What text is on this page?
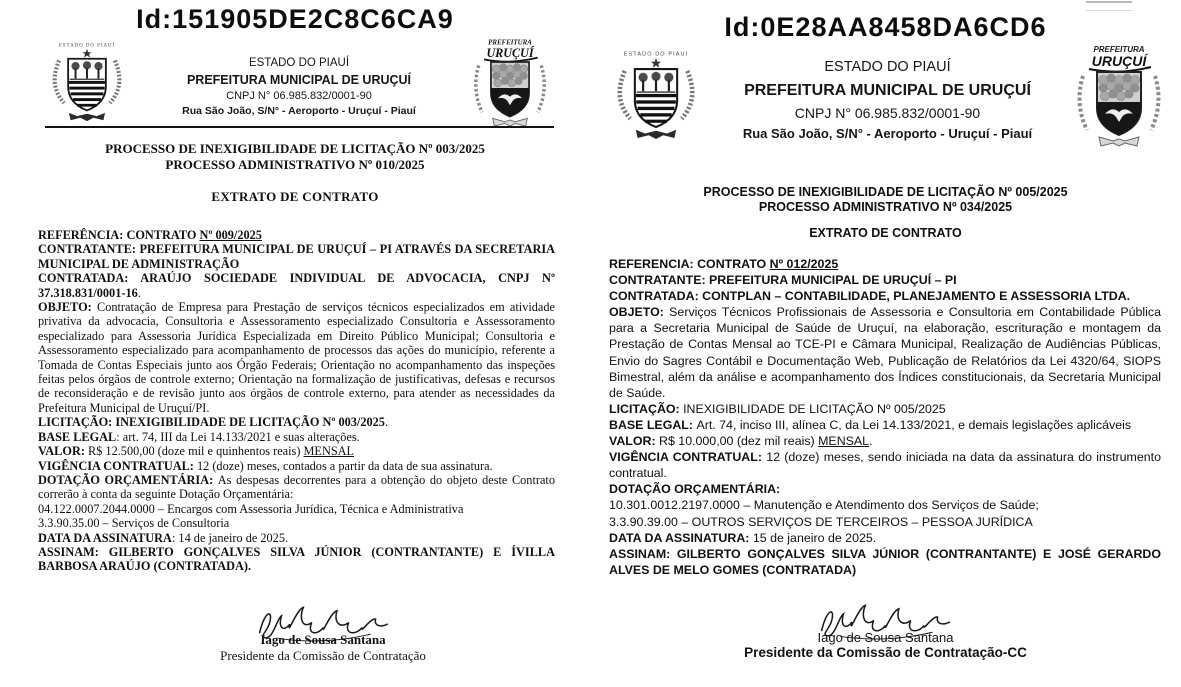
Id:151905DE2C8C6CA9
ESTADO DO PIAUÍ
ESTADO DO PIAUÍ
PREFEITURA MUNICIPAL DE URUÇUÍ
CNPJ N° 06.985.832/0001-90
Rua São João, S/N° - Aeroporto - Uruçuí - Piauí
PREFEITURA
URUÇUÍ
PROCESSO DE INEXIGIBILIDADE DE LICITAÇÃO Nº 003/2025
PROCESSO ADMINISTRATIVO Nº 010/2025
EXTRATO DE CONTRATO

REFERÊNCIA: CONTRATO Nº 009/2025

CONTRATANTE: PREFEITURA MUNICIPAL DE URUÇUÍ – PI ATRAVÉS DA SECRETARIA MUNICIPAL DE ADMINISTRAÇÃO

CONTRATADA: ARAÚJO SOCIEDADE INDIVIDUAL DE ADVOCACIA, CNPJ Nº 37.318.831/0001-16.

OBJETO: Contratação de Empresa para Prestação de serviços técnicos especializados em atividade privativa da advocacia, Consultoria e Assessoramento especializado Consultoria e Assessoramento especializado para Assessoria Jurídica Especializada em Direito Público Municipal; Consultoria e Assessoramento especializado para acompanhamento de processos das ações do município, referente a Tomada de Contas Especiais junto aos Órgão Federais; Orientação no acompanhamento das inspeções feitas pelos órgãos de controle externo; Orientação na formalização de justificativas, defesas e recursos de reconsideração e de revisão junto aos órgãos de controle externo, para atender as necessidades da Prefeitura Municipal de Uruçuí/PI.

LICITAÇÃO: INEXIGIBILIDADE DE LICITAÇÃO Nº 003/2025.

BASE LEGAL: art. 74, III da Lei 14.133/2021 e suas alterações.

VALOR: R$ 12.500,00 (doze mil e quinhentos reais) MENSAL

VIGÊNCIA CONTRATUAL: 12 (doze) meses, contados a partir da data de sua assinatura.

DOTAÇÃO ORÇAMENTÁRIA: As despesas decorrentes para a obtenção do objeto deste Contrato correrão à conta da seguinte Dotação Orçamentária:

04.122.0007.2044.0000 – Encargos com Assessoria Jurídica, Técnica e Administrativa

3.3.90.35.00 – Serviços de Consultoria

DATA DA ASSINATURA: 14 de janeiro de 2025.

ASSINAM: GILBERTO GONÇALVES SILVA JÚNIOR (CONTRANTANTE) E ÍVILLA BARBOSA ARAÚJO (CONTRATADA).

Iago de Sousa Santana
Presidente da Comissão de Contratação
Id:0E28AA8458DA6CD6
ESTADO DO PIAUÍ
ESTADO DO PIAUÍ
PREFEITURA MUNICIPAL DE URUÇUÍ
CNPJ N° 06.985.832/0001-90
Rua São João, S/N° - Aeroporto - Uruçuí - Piauí
PREFEITURA
URUÇUÍ
PROCESSO DE INEXIGIBILIDADE DE LICITAÇÃO Nº 005/2025
PROCESSO ADMINISTRATIVO Nº 034/2025
EXTRATO DE CONTRATO

REFERENCIA: CONTRATO Nº 012/2025

CONTRATANTE: PREFEITURA MUNICIPAL DE URUÇUÍ – PI

CONTRATADA: CONTPLAN – CONTABILIDADE, PLANEJAMENTO E ASSESSORIA LTDA.

OBJETO: Serviços Técnicos Profissionais de Assessoria e Consultoria em Contabilidade Pública para a Secretaria Municipal de Saúde de Uruçuí, na elaboração, escrituração e montagem da Prestação de Contas Mensal ao TCE-PI e Câmara Municipal, Realização de Audiências Públicas, Envio do Sagres Contábil e Documentação Web, Publicação de Relatórios da Lei 4320/64, SIOPS Bimestral, além da análise e acompanhamento dos Índices constitucionais, da Secretaria Municipal de Saúde.

LICITAÇÃO: INEXIGIBILIDADE DE LICITAÇÃO Nº 005/2025

BASE LEGAL: Art. 74, inciso III, alínea C, da Lei 14.133/2021, e demais legislações aplicáveis

VALOR: R$ 10.000,00 (dez mil reais) MENSAL.

VIGÊNCIA CONTRATUAL: 12 (doze) meses, sendo iniciada na data da assinatura do instrumento contratual.

DOTAÇÃO ORÇAMENTÁRIA:

10.301.0012.2197.0000 – Manutenção e Atendimento dos Serviços de Saúde;

3.3.90.39.00 – OUTROS SERVIÇOS DE TERCEIROS – PESSOA JURÍDICA

DATA DA ASSINATURA: 15 de janeiro de 2025.

ASSINAM: GILBERTO GONÇALVES SILVA JÚNIOR (CONTRANTANTE) E JOSÉ GERARDO ALVES DE MELO GOMES (CONTRATADA)

Iago de Sousa Santana
Presidente da Comissão de Contratação-CC
